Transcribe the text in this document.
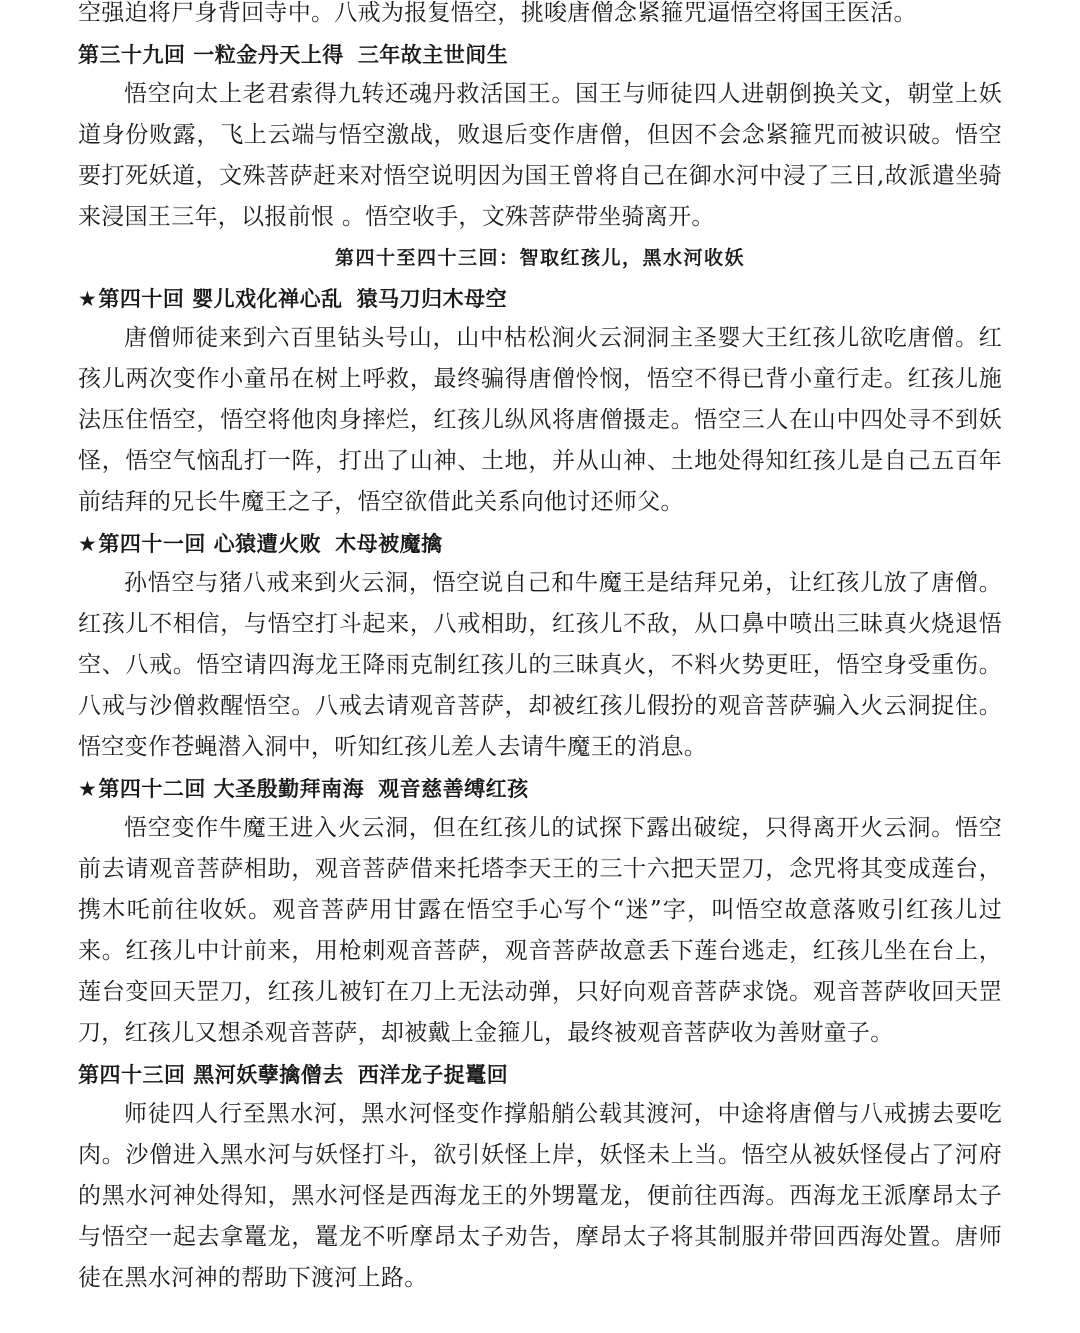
空强迫将尸身背回寺中。八戒为报复悟空，挑唆唐僧念紧箍咒逼悟空将国王医活。

第三十九回 一粒金丹天上得 三年故主世间生

悟空向太上老君索得九转还魂丹救活国王。国王与师徒四人进朝倒换关文，朝堂上妖道身份败露，飞上云端与悟空激战，败退后变作唐僧，但因不会念紧箍咒而被识破。悟空要打死妖道，文殊菩萨赶来对悟空说明因为国王曾将自己在御水河中浸了三日,故派遣坐骑来浸国王三年，以报前恨 。悟空收手，文殊菩萨带坐骑离开。

第四十至四十三回：智取红孩儿，黑水河收妖
★第四十回 婴儿戏化禅心乱 猿马刀归木母空

唐僧师徒来到六百里钻头号山，山中枯松涧火云洞洞主圣婴大王红孩儿欲吃唐僧。红孩儿两次变作小童吊在树上呼救，最终骗得唐僧怜悯，悟空不得已背小童行走。红孩儿施法压住悟空，悟空将他肉身摔烂，红孩儿纵风将唐僧摄走。悟空三人在山中四处寻不到妖怪，悟空气恼乱打一阵，打出了山神、土地，并从山神、土地处得知红孩儿是自己五百年前结拜的兄长牛魔王之子，悟空欲借此关系向他讨还师父。

★第四十一回 心猿遭火败 木母被魔擒

孙悟空与猪八戒来到火云洞，悟空说自己和牛魔王是结拜兄弟，让红孩儿放了唐僧。红孩儿不相信，与悟空打斗起来，八戒相助，红孩儿不敌，从口鼻中喷出三昧真火烧退悟空、八戒。悟空请四海龙王降雨克制红孩儿的三昧真火，不料火势更旺，悟空身受重伤。八戒与沙僧救醒悟空。八戒去请观音菩萨，却被红孩儿假扮的观音菩萨骗入火云洞捉住。悟空变作苍蝇潜入洞中，听知红孩儿差人去请牛魔王的消息。

★第四十二回 大圣殷勤拜南海 观音慈善缚红孩

悟空变作牛魔王进入火云洞，但在红孩儿的试探下露出破绽，只得离开火云洞。悟空前去请观音菩萨相助，观音菩萨借来托塔李天王的三十六把天罡刀，念咒将其变成莲台，携木吒前往收妖。观音菩萨用甘露在悟空手心写个“迷”字，叫悟空故意落败引红孩儿过来。红孩儿中计前来，用枪刺观音菩萨，观音菩萨故意丢下莲台逃走，红孩儿坐在台上，莲台变回天罡刀，红孩儿被钉在刀上无法动弹，只好向观音菩萨求饶。观音菩萨收回天罡刀，红孩儿又想杀观音菩萨，却被戴上金箍儿，最终被观音菩萨收为善财童子。

第四十三回 黑河妖孽擒僧去 西洋龙子捉鼍回

师徒四人行至黑水河，黑水河怪变作撑船艄公载其渡河，中途将唐僧与八戒掳去要吃肉。沙僧进入黑水河与妖怪打斗，欲引妖怪上岸，妖怪未上当。悟空从被妖怪侵占了河府的黑水河神处得知，黑水河怪是西海龙王的外甥鼍龙，便前往西海。西海龙王派摩昂太子与悟空一起去拿鼍龙，鼍龙不听摩昂太子劝告，摩昂太子将其制服并带回西海处置。唐师徒在黑水河神的帮助下渡河上路。
